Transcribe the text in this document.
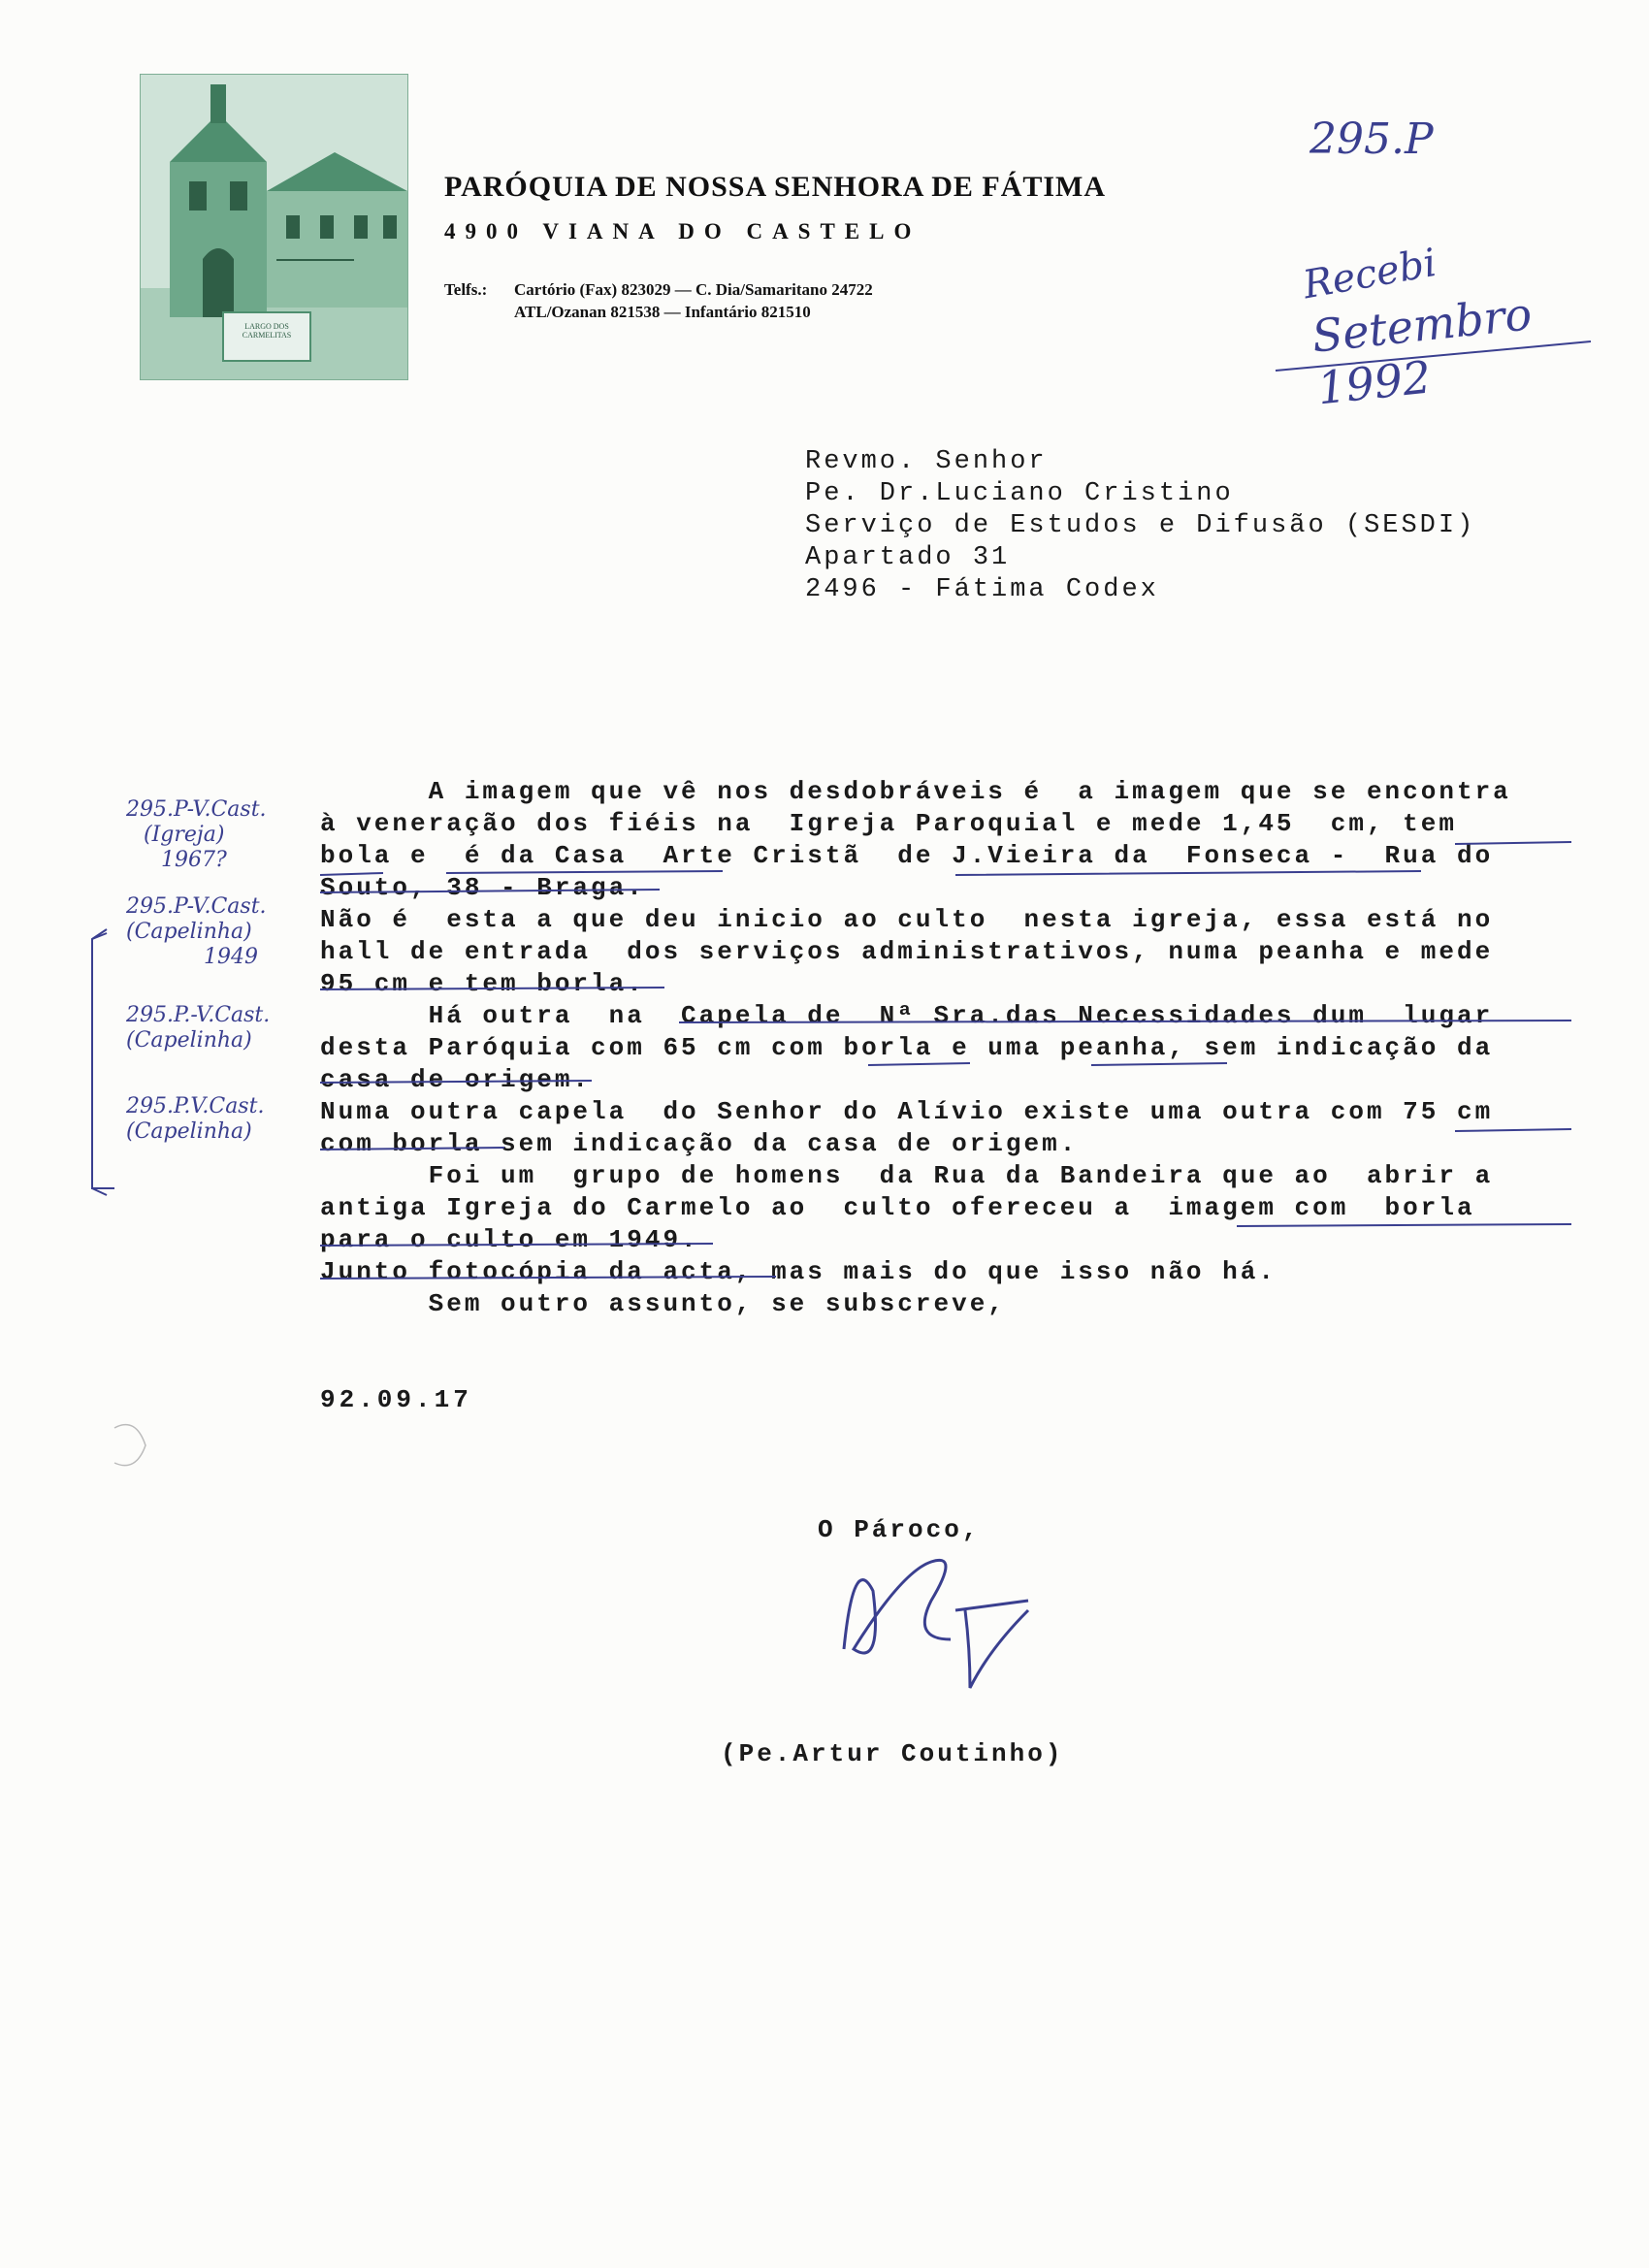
LARGO DOS CARMELITAS
PARÓQUIA DE NOSSA SENHORA DE FÁTIMA
4900 VIANA DO CASTELO
Telfs.: Cartório (Fax) 823029 — C. Dia/Samaritano 24722
ATL/Ozanan 821538 — Infantário 821510
295.P
Recebi
Setembro 1992
Revmo. Senhor
Pe. Dr.Luciano Cristino
Serviço de Estudos e Difusão (SESDI)
Apartado 31
2496 - Fátima Codex
295.P-V.Cast.
(Igreja)
1967?
295.P-V.Cast.
(Capelinha)
1949
295.P.-V.Cast.
(Capelinha)
295.P.V.Cast.
(Capelinha)
A imagem que vê nos desdobráveis é  a imagem que se encontra
à veneração dos fiéis na  Igreja Paroquial e mede 1,45  cm, tem
bola e  é da Casa  Arte Cristã  de J.Vieira da  Fonseca -  Rua do
Souto, 38 - Braga.
Não é  esta a que deu inicio ao culto  nesta igreja, essa está no
hall de entrada  dos serviços administrativos, numa peanha e mede
95 cm e tem borla.
Há outra  na  Capela de  Nª Sra.das Necessidades dum  lugar
desta Paróquia com 65 cm com borla e uma peanha, sem indicação da
casa de origem.
Numa outra capela  do Senhor do Alívio existe uma outra com 75 cm
com borla sem indicação da casa de origem.
Foi um  grupo de homens  da Rua da Bandeira que ao  abrir a
antiga Igreja do Carmelo ao  culto ofereceu a  imagem com  borla
para o culto em 1949.
Junto fotocópia da acta, mas mais do que isso não há.
Sem outro assunto, se subscreve,
92.09.17
O Pároco,
(Pe.Artur Coutinho)
